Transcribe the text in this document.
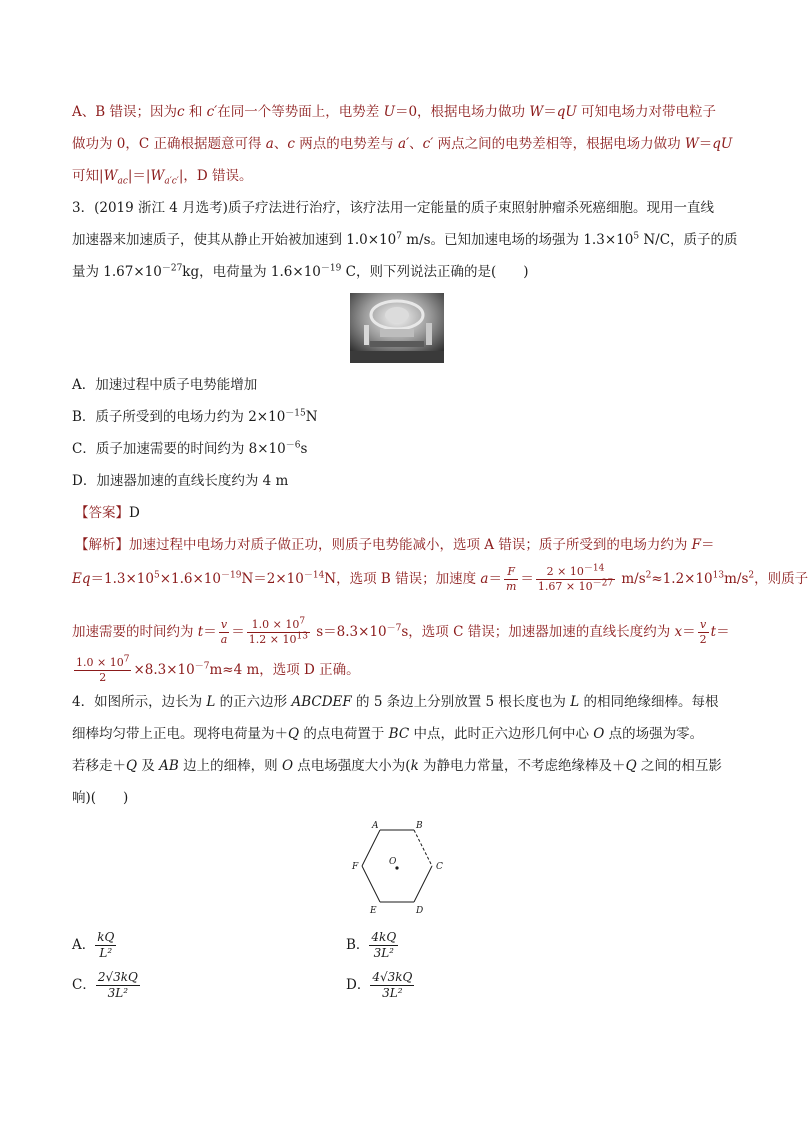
A、B 错误；因为c 和 c′在同一个等势面上，电势差 U＝0，根据电场力做功 W＝qU 可知电场力对带电粒子
做功为 0，C 正确根据题意可得 a、c 两点的电势差与 a′、c′ 两点之间的电势差相等，根据电场力做功 W＝qU
可知$|W_{ac}|=|W_{a'c'}|$，D 错误。
3．(2019 浙江 4 月选考)质子疗法进行治疗，该疗法用一定能量的质子束照射肿瘤杀死癌细胞。现用一直线
加速器来加速质子，使其从静止开始被加速到 $1.0\times 10^7$ m/s。已知加速电场的场强为 $1.3\times 10^5$ N/C，质子的质
量为 $1.67\times 10^{-27}kg$，电荷量为 $1.6\times 10^{-19}$ C，则下列说法正确的是(　　)
A．加速过程中质子电势能增加
B．质子所受到的电场力约为 $2\times 10^{-15}N$
C．质子加速需要的时间约为 $8\times 10^{-6}s$
D．加速器加速的直线长度约为 4 m
【答案】D
【解析】加速过程中电场力对质子做正功，则质子电势能减小，选项 A 错误；质子所受到的电场力约为 F＝
$Eq=1.3\times 10^5\times 1.6\times 10^{-19}N=2\times 10^{-14}N$，选项 B 错误；加速度 $a= \frac{F}{m} = \frac{2 \times 10^{-14}}{1.67 \times 10^{-27}} m/s^2\approx 1.2\times 10^{13}m/s^2$，则质子
加速需要的时间约为 $t= \frac{v}{a} = \frac{1.0 \times 10^7}{1.2 \times 10^{13}} s=8.3\times 10^{-7}s$，选项 C 错误；加速器加速的直线长度约为 $x= \frac{v}{2} t=$
$\frac{1.0 \times 10^7}{2} \times 8.3\times 10^{-7}m\approx 4$ m，选项 D 正确。
4．如图所示，边长为 L 的正六边形 ABCDEF 的 5 条边上分别放置 5 根长度也为 L 的相同绝缘细棒。每根
细棒均匀带上正电。现将电荷量为＋Q 的点电荷置于 BC 中点，此时正六边形几何中心 O 点的场强为零。
若移走＋Q 及 AB 边上的细棒，则 O 点电场强度大小为(k 为静电力常量，不考虑绝缘棒及＋Q 之间的相互影
响)(　　)
A	B
C
D
E
F	O
A． $\frac{kQ}{\text{L²}}$	B． $\frac{4kQ}{\text{3L²}}$
C． $\frac{2√3kQ}{\text{3L²}}$	D． $\frac{4√3kQ}{\text{3L²}}$
